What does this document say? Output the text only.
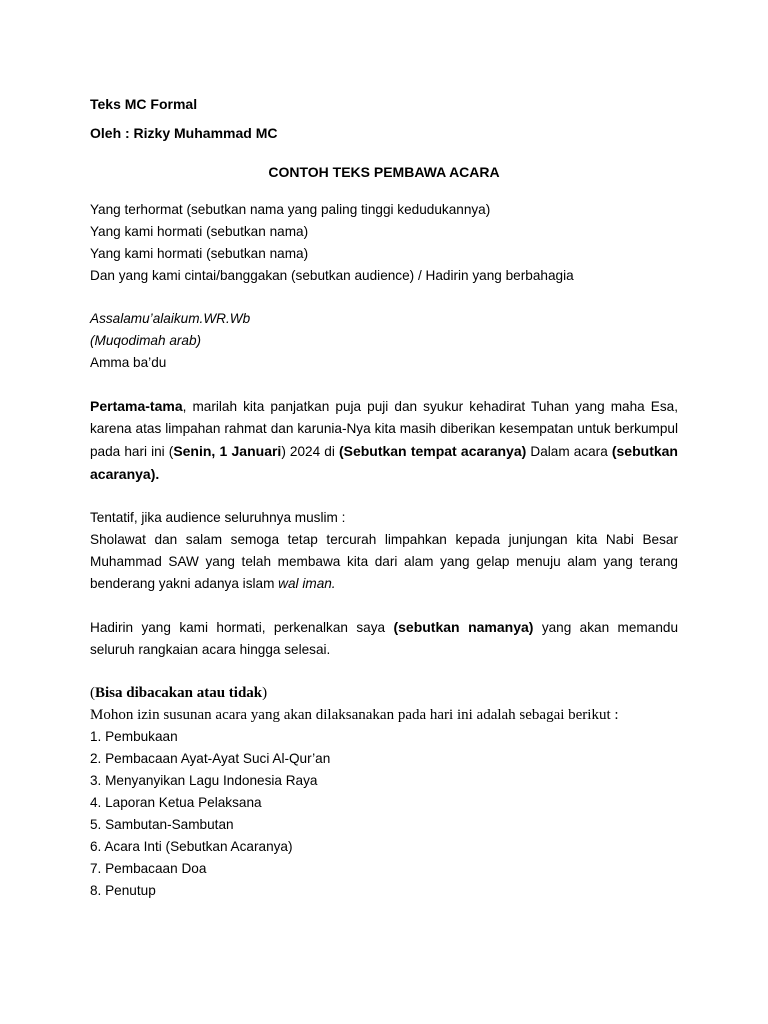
Teks MC Formal
Oleh : Rizky Muhammad MC
CONTOH TEKS PEMBAWA ACARA
Yang terhormat (sebutkan nama yang paling tinggi kedudukannya)
Yang kami hormati (sebutkan nama)
Yang kami hormati (sebutkan nama)
Dan yang kami cintai/banggakan (sebutkan audience) / Hadirin yang berbahagia
Assalamu’alaikum.WR.Wb
(Muqodimah arab)
Amma ba’du

Pertama-tama, marilah kita panjatkan puja puji dan syukur kehadirat Tuhan yang maha Esa, karena atas limpahan rahmat dan karunia-Nya kita masih diberikan kesempatan untuk berkumpul pada hari ini (Senin, 1 Januari) 2024 di (Sebutkan tempat acaranya) Dalam acara (sebutkan acaranya).

Tentatif, jika audience seluruhnya muslim :

Sholawat dan salam semoga tetap tercurah limpahkan kepada junjungan kita Nabi Besar Muhammad SAW yang telah membawa kita dari alam yang gelap menuju alam yang terang benderang yakni adanya islam wal iman.

Hadirin yang kami hormati, perkenalkan saya (sebutkan namanya) yang akan memandu seluruh rangkaian acara hingga selesai.

(Bisa dibacakan atau tidak)
Mohon izin susunan acara yang akan dilaksanakan pada hari ini adalah sebagai berikut :
1. Pembukaan
2. Pembacaan Ayat-Ayat Suci Al-Qur’an
3. Menyanyikan Lagu Indonesia Raya
4. Laporan Ketua Pelaksana
5. Sambutan-Sambutan
6. Acara Inti (Sebutkan Acaranya)
7. Pembacaan Doa
8. Penutup
